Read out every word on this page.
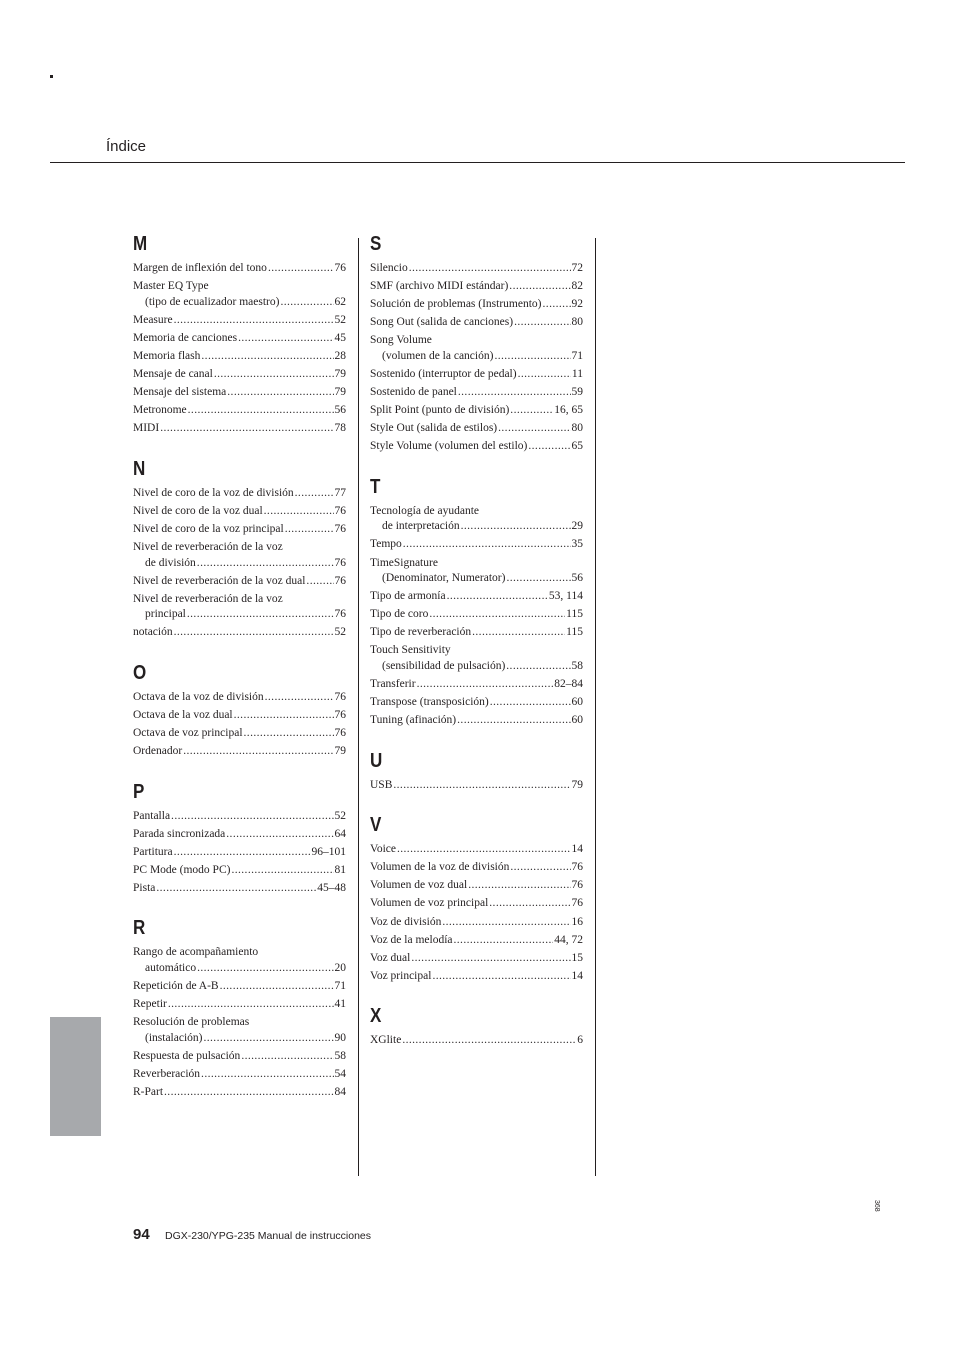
Índice
M
Margen de inflexión del tono .....	76
Master EQ Type
(tipo de ecualizador maestro) .....	62
Measure .....	52
Memoria de canciones .....	45
Memoria flash .....	28
Mensaje de canal .....	79
Mensaje del sistema .....	79
Metronome .....	56
MIDI .....	78
N
Nivel de coro de la voz de división .....	77
Nivel de coro de la voz dual .....	76
Nivel de coro de la voz principal .....	76
Nivel de reverberación de la voz
de división .....	76
Nivel de reverberación de la voz dual .....	76
Nivel de reverberación de la voz
principal .....	76
notación .....	52
O
Octava de la voz de división .....	76
Octava de la voz dual .....	76
Octava de voz principal .....	76
Ordenador .....	79
P
Pantalla .....	52
Parada sincronizada .....	64
Partitura .....	96–101
PC Mode (modo PC) .....	81
Pista .....	45–48
R
Rango de acompañamiento
automático .....	20
Repetición de A-B .....	71
Repetir .....	41
Resolución de problemas
(instalación) .....	90
Respuesta de pulsación .....	58
Reverberación .....	54
R-Part .....	84
S
Silencio .....	72
SMF (archivo MIDI estándar) .....	82
Solución de problemas (Instrumento) .....	92
Song Out (salida de canciones) .....	80
Song Volume
(volumen de la canción) .....	71
Sostenido (interruptor de pedal) .....	11
Sostenido de panel .....	59
Split Point (punto de división) .....	16, 65
Style Out (salida de estilos) .....	80
Style Volume (volumen del estilo) .....	65
T
Tecnología de ayudante
de interpretación .....	29
Tempo .....	35
TimeSignature
(Denominator, Numerator) .....	56
Tipo de armonía .....	53, 114
Tipo de coro .....	115
Tipo de reverberación .....	115
Touch Sensitivity
(sensibilidad de pulsación) .....	58
Transferir .....	82–84
Transpose (transposición) .....	60
Tuning (afinación) .....	60
U
USB .....	79
V
Voice .....	14
Volumen de la voz de división .....	76
Volumen de voz dual .....	76
Volumen de voz principal .....	76
Voz de división .....	16
Voz de la melodía .....	44, 72
Voz dual .....	15
Voz principal .....	14
X
XGlite .....	6
94 DGX-230/YPG-235 Manual de instrucciones
368
